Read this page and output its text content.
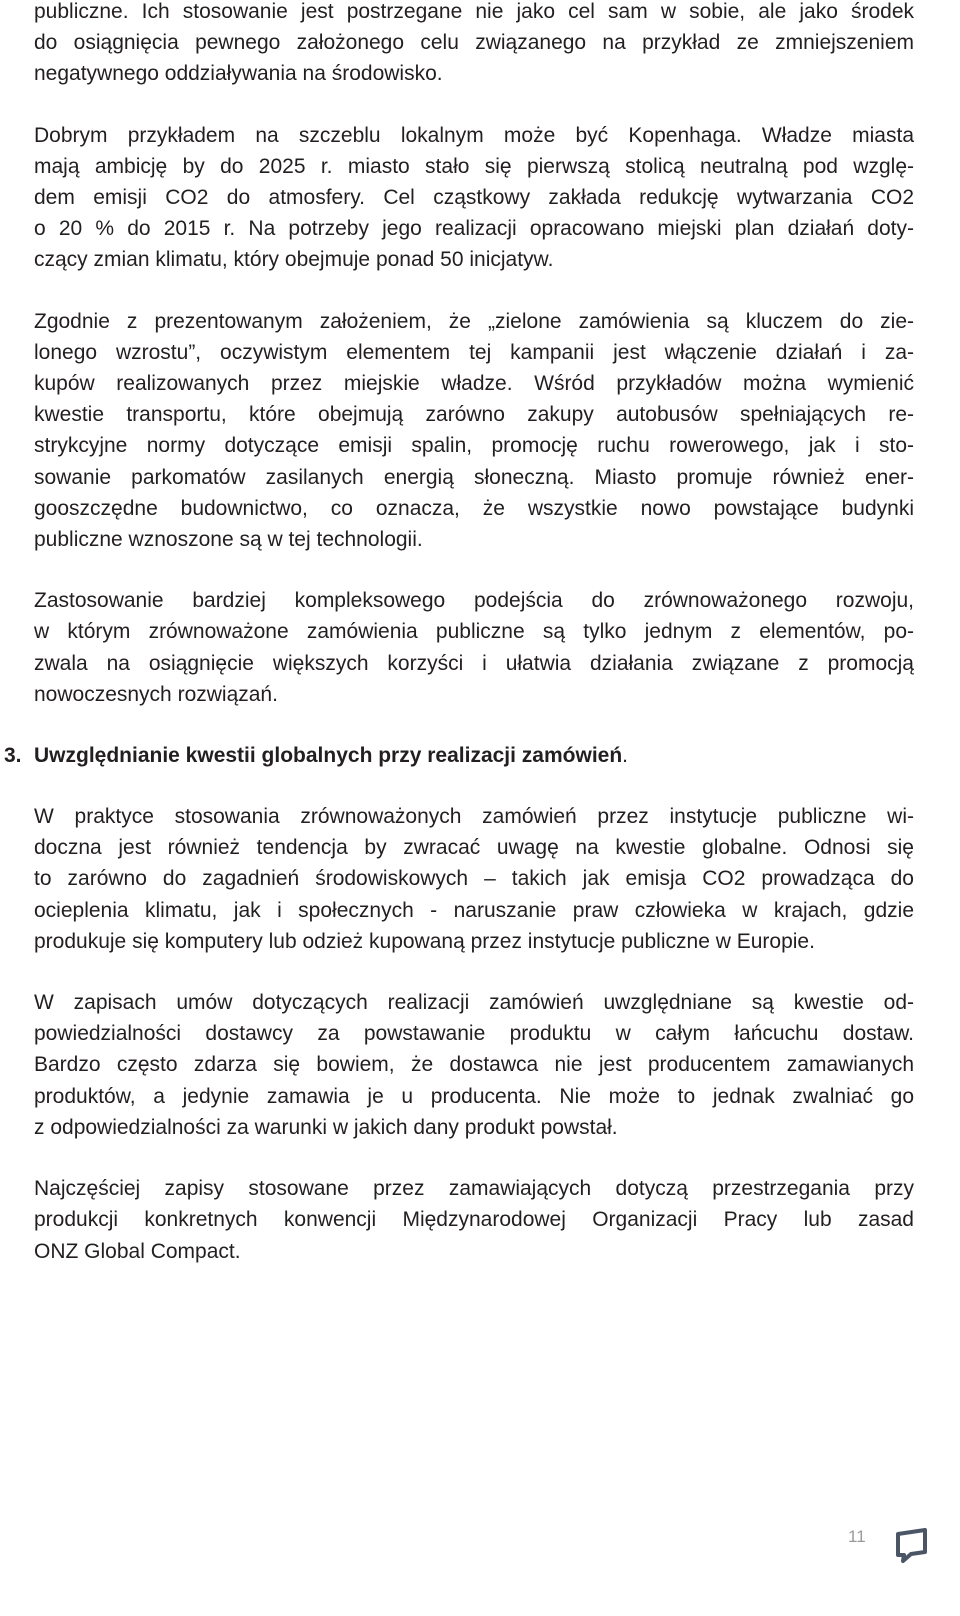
publiczne. Ich stosowanie jest postrzegane nie jako cel sam w sobie, ale jako środek
do osiągnięcia pewnego założonego celu związanego na przykład ze zmniejszeniem
negatywnego oddziaływania na środowisko.

Dobrym przykładem na szczeblu lokalnym może być Kopenhaga. Władze miasta
mają ambicję by do 2025 r. miasto stało się pierwszą stolicą neutralną pod wzglę-
dem emisji CO2 do atmosfery. Cel cząstkowy zakłada redukcję wytwarzania CO2
o 20 % do 2015 r. Na potrzeby jego realizacji opracowano miejski plan działań doty-
czący zmian klimatu, który obejmuje ponad 50 inicjatyw.

Zgodnie z prezentowanym założeniem, że „zielone zamówienia są kluczem do zie-
lonego wzrostu”, oczywistym elementem tej kampanii jest włączenie działań i za-
kupów realizowanych przez miejskie władze. Wśród przykładów można wymienić
kwestie transportu, które obejmują zarówno zakupy autobusów spełniających re-
strykcyjne normy dotyczące emisji spalin, promocję ruchu rowerowego, jak i sto-
sowanie parkomatów zasilanych energią słoneczną. Miasto promuje również ener-
gooszczędne budownictwo, co oznacza, że wszystkie nowo powstające budynki
publiczne wznoszone są w tej technologii.

Zastosowanie bardziej kompleksowego podejścia do zrównoważonego rozwoju,
w którym zrównoważone zamówienia publiczne są tylko jednym z elementów, po-
zwala na osiągnięcie większych korzyści i ułatwia działania związane z promocją
nowoczesnych rozwiązań.

3. Uwzględnianie kwestii globalnych przy realizacji zamówień.

W praktyce stosowania zrównoważonych zamówień przez instytucje publiczne wi-
doczna jest również tendencja by zwracać uwagę na kwestie globalne. Odnosi się
to zarówno do zagadnień środowiskowych – takich jak emisja CO2 prowadząca do
ocieplenia klimatu, jak i społecznych - naruszanie praw człowieka w krajach, gdzie
produkuje się komputery lub odzież kupowaną przez instytucje publiczne w Europie.

W zapisach umów dotyczących realizacji zamówień uwzględniane są kwestie od-
powiedzialności dostawcy za powstawanie produktu w całym łańcuchu dostaw.
Bardzo często zdarza się bowiem, że dostawca nie jest producentem zamawianych
produktów, a jedynie zamawia je u producenta. Nie może to jednak zwalniać go
z odpowiedzialności za warunki w jakich dany produkt powstał.

Najczęściej zapisy stosowane przez zamawiających dotyczą przestrzegania przy
produkcji konkretnych konwencji Międzynarodowej Organizacji Pracy lub zasad
ONZ Global Compact.

11
